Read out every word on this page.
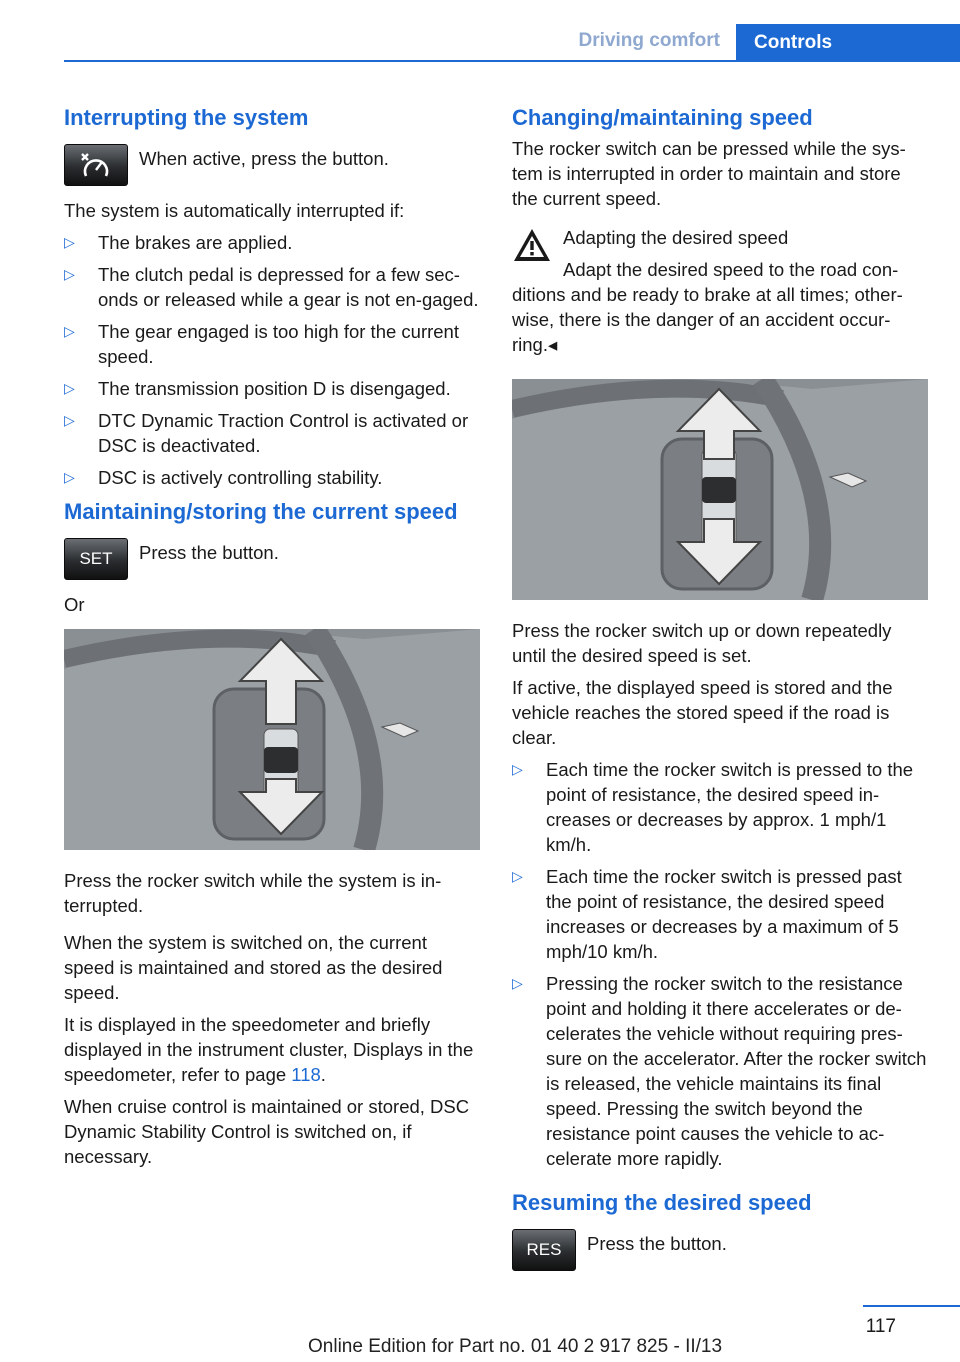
Driving comfort	Controls
Interrupting the system

When active, press the button.

The system is automatically interrupted if:

▷ The brakes are applied.
▷ The clutch pedal is depressed for a few sec-onds or released while a gear is not en-gaged.
▷ The gear engaged is too high for the current speed.
▷ The transmission position D is disengaged.
▷ DTC Dynamic Traction Control is activated or DSC is deactivated.
▷ DSC is actively controlling stability.
Maintaining/storing the current speed
SET	Press the button.

Or

Press the rocker switch while the system is in-terrupted.

When the system is switched on, the current speed is maintained and stored as the desired speed.

It is displayed in the speedometer and briefly displayed in the instrument cluster, Displays in the speedometer, refer to page 118.

When cruise control is maintained or stored, DSC Dynamic Stability Control is switched on, if necessary.

Changing/maintaining speed

The rocker switch can be pressed while the sys-tem is interrupted in order to maintain and store the current speed.

Adapting the desired speed
Adapt the desired speed to the road con-
ditions and be ready to brake at all times; other-wise, there is the danger of an accident occur-ring.◂

Press the rocker switch up or down repeatedly until the desired speed is set.

If active, the displayed speed is stored and the vehicle reaches the stored speed if the road is clear.

▷ Each time the rocker switch is pressed to the point of resistance, the desired speed in-creases or decreases by approx. 1 mph/1 km/h.
▷ Each time the rocker switch is pressed past the point of resistance, the desired speed increases or decreases by a maximum of 5 mph/10 km/h.
▷ Pressing the rocker switch to the resistance point and holding it there accelerates or de-celerates the vehicle without requiring pres-sure on the accelerator. After the rocker switch is released, the vehicle maintains its final speed. Pressing the switch beyond the resistance point causes the vehicle to ac-celerate more rapidly.
Resuming the desired speed
RES	Press the button.

117
Online Edition for Part no. 01 40 2 917 825 - II/13
